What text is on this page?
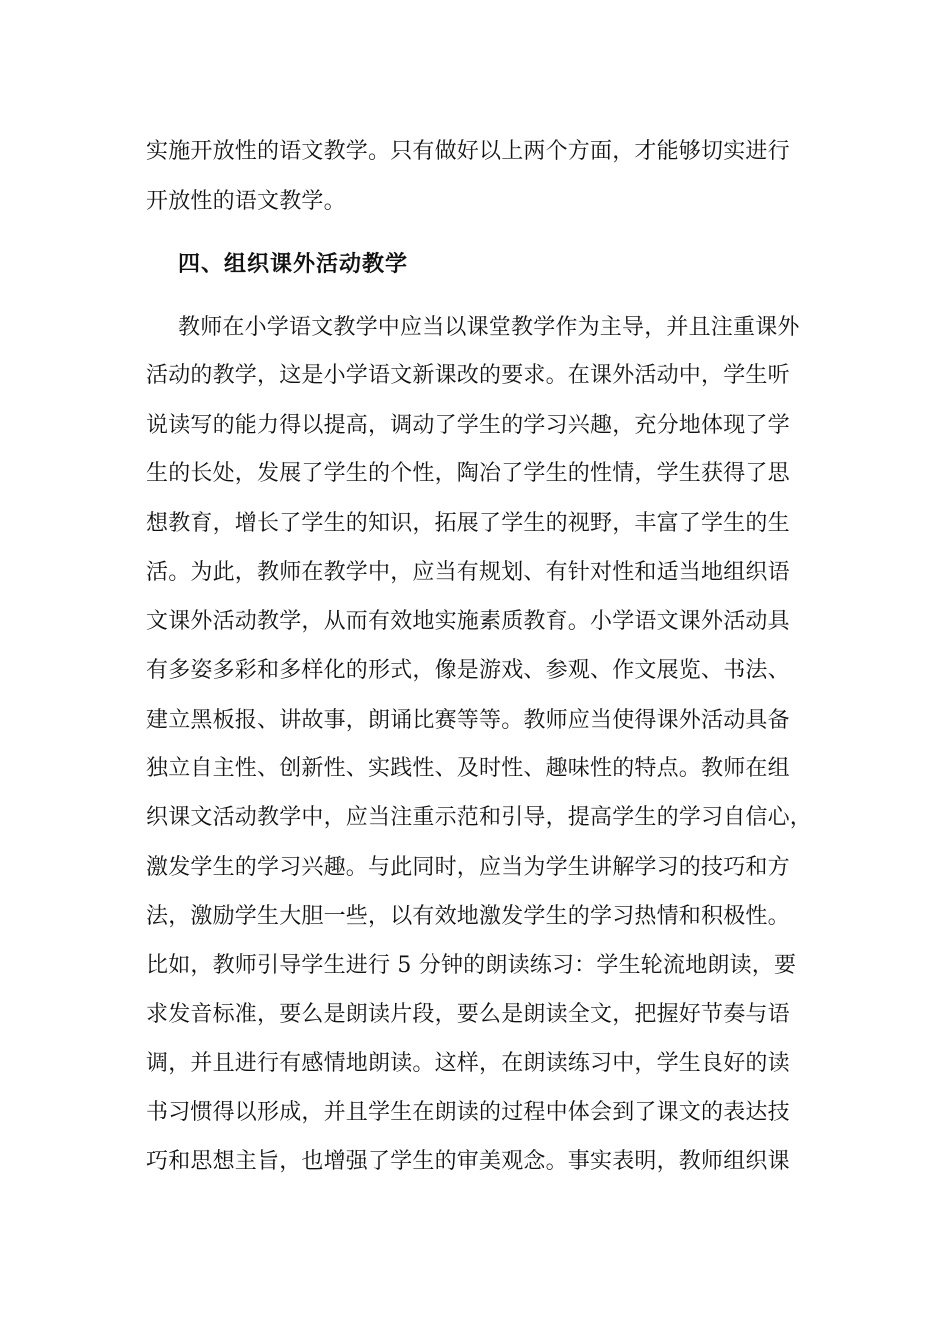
实施开放性的语文教学。只有做好以上两个方面，才能够切实进行
开放性的语文教学。
四、组织课外活动教学
教师在小学语文教学中应当以课堂教学作为主导，并且注重课外
活动的教学，这是小学语文新课改的要求。在课外活动中，学生听
说读写的能力得以提高，调动了学生的学习兴趣，充分地体现了学
生的长处，发展了学生的个性，陶冶了学生的性情，学生获得了思
想教育，增长了学生的知识，拓展了学生的视野，丰富了学生的生
活。为此，教师在教学中，应当有规划、有针对性和适当地组织语
文课外活动教学，从而有效地实施素质教育。小学语文课外活动具
有多姿多彩和多样化的形式，像是游戏、参观、作文展览、书法、
建立黑板报、讲故事，朗诵比赛等等。教师应当使得课外活动具备
独立自主性、创新性、实践性、及时性、趣味性的特点。教师在组
织课文活动教学中，应当注重示范和引导，提高学生的学习自信心，
激发学生的学习兴趣。与此同时，应当为学生讲解学习的技巧和方
法，激励学生大胆一些，以有效地激发学生的学习热情和积极性。
比如，教师引导学生进行 5 分钟的朗读练习：学生轮流地朗读，要
求发音标准，要么是朗读片段，要么是朗读全文，把握好节奏与语
调，并且进行有感情地朗读。这样，在朗读练习中，学生良好的读
书习惯得以形成，并且学生在朗读的过程中体会到了课文的表达技
巧和思想主旨，也增强了学生的审美观念。事实表明，教师组织课
